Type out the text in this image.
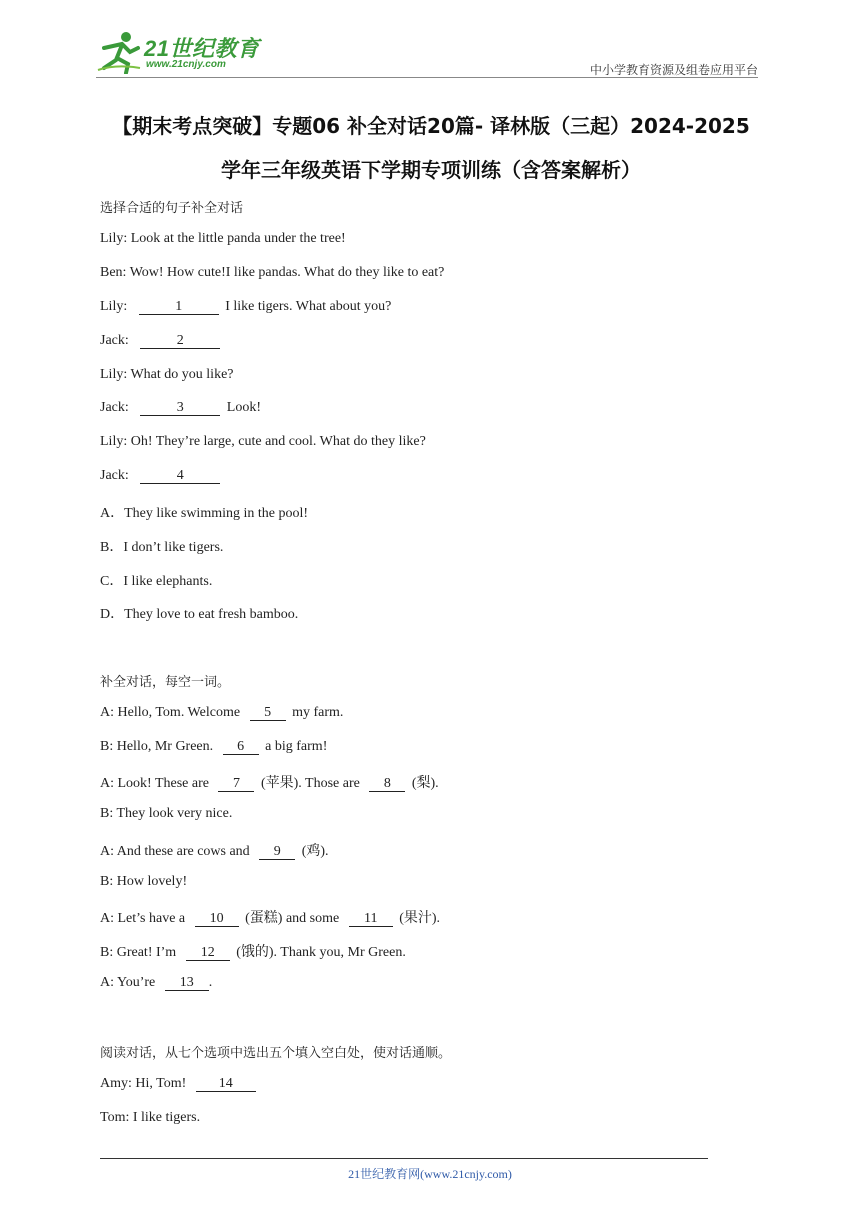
21世纪教育
www.21cnjy.com	中小学教育资源及组卷应用平台
【期末考点突破】专题06 补全对话20篇- 译林版（三起）2024-2025
学年三年级英语下学期专项训练（含答案解析）
选择合适的句子补全对话
Lily: Look at the little panda under the tree!
Ben: Wow! How cute!I like pandas. What do they like to eat?
Lily:	1	I like tigers. What about you?
Jack:	2
Lily: What do you like?
Jack:	3	Look!
Lily: Oh! They’re large, cute and cool. What do they like?
Jack:	4
A．They like swimming in the pool!
B．I don’t like tigers.
C．I like elephants.
D．They love to eat fresh bamboo.
补全对话，每空一词。
A: Hello, Tom. Welcome 5 my farm.
B: Hello, Mr Green. 6 a big farm!
A: Look! These are 7 (苹果). Those are 8 (梨).
B: They look very nice.
A: And these are cows and 9 (鸡).
B: How lovely!
A: Let’s have a 10 (蛋糕) and some 11 (果汁).
B: Great! I’m 12 (饿的). Thank you, Mr Green.
A: You’re 13 .
阅读对话，从七个选项中选出五个填入空白处，使对话通顺。
Amy: Hi, Tom! 14
Tom: I like tigers.
21世纪教育网(www.21cnjy.com)
